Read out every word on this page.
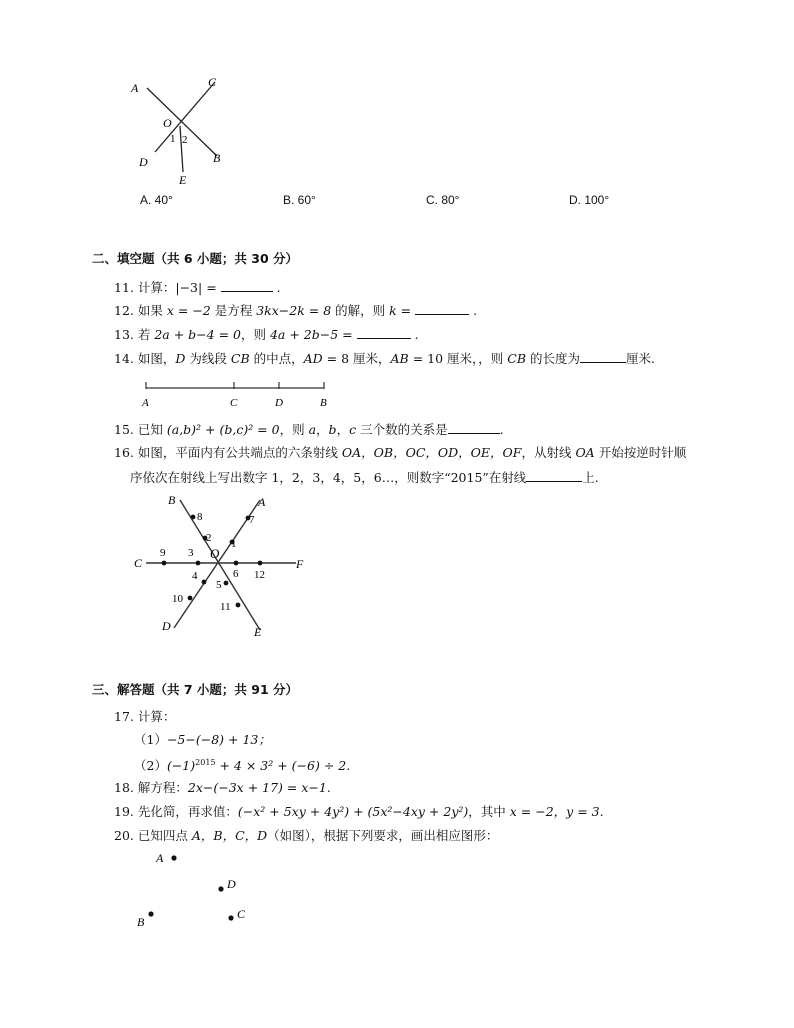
A	C
O
1 2
D	B
E
A. 40°	B. 60°	C. 80°	D. 100°
二、填空题（共 6 小题；共 30 分）
11. 计算：|−3| =	.
12. 如果 x = −2 是方程 3kx−2k = 8 的解，则 k =	.
13. 若 2a + b−4 = 0，则 4a + 2b−5 =	.
14. 如图，D 为线段 CB 的中点，AD = 8 厘米，AB = 10 厘米，，则 CB 的长度为	厘米.
A	C	D	B
15. 已知 (a,b)² + (b,c)² = 0，则 a，b，c 三个数的关系是	.
16. 如图，平面内有公共端点的六条射线 OA，OB，OC，OD，OE，OF，从射线 OA 开始按逆时针顺
序依次在射线上写出数字 1，2，3，4，5，6…，则数字“2015”在射线	上.
B	A
C	F
D	E
O
1
2
3
4
5
6
7
8
9
10
11
12
三、解答题（共 7 小题；共 91 分）
17. 计算：
（1）−5−(−8) + 13；
$(2)(-1)^{2015} + 4 \times 3^2 + (-6) \div 2$.
18. 解方程：2x−(−3x + 17) = x−1.
19. 先化简，再求值：(−x² + 5xy + 4y²) + (5x²−4xy + 2y²)，其中 x = −2，y = 3.
20. 已知四点 A，B，C，D（如图），根据下列要求，画出相应图形：
A
D
B
C
